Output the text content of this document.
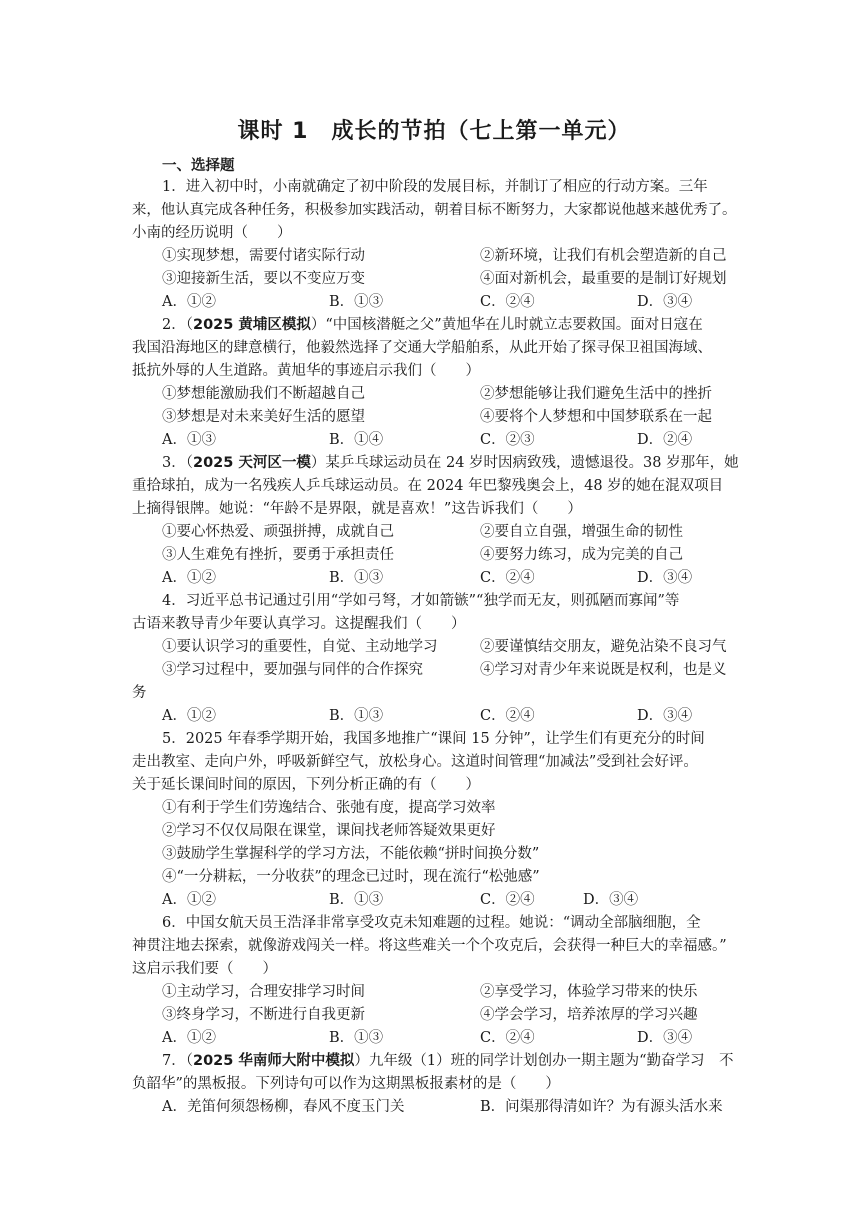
课时 1　成长的节拍（七上第一单元）
一、选择题
1．进入初中时，小南就确定了初中阶段的发展目标，并制订了相应的行动方案。三年
来，他认真完成各种任务，积极参加实践活动，朝着目标不断努力，大家都说他越来越优秀了。
小南的经历说明（　　）
①实现梦想，需要付诸实际行动	②新环境，让我们有机会塑造新的自己
③迎接新生活，要以不变应万变	④面对新机会，最重要的是制订好规划
A．①②	B．①③	C．②④	D．③④
2．（2025 黄埔区模拟）“中国核潜艇之父”黄旭华在儿时就立志要救国。面对日寇在
我国沿海地区的肆意横行，他毅然选择了交通大学船舶系，从此开始了探寻保卫祖国海域、
抵抗外辱的人生道路。黄旭华的事迹启示我们（　　）
①梦想能激励我们不断超越自己	②梦想能够让我们避免生活中的挫折
③梦想是对未来美好生活的愿望	④要将个人梦想和中国梦联系在一起
A．①③	B．①④	C．②③	D．②④
3．（2025 天河区一模）某乒乓球运动员在 24 岁时因病致残，遗憾退役。38 岁那年，她
重拾球拍，成为一名残疾人乒乓球运动员。在 2024 年巴黎残奥会上，48 岁的她在混双项目
上摘得银牌。她说：“年龄不是界限，就是喜欢！”这告诉我们（　　）
①要心怀热爱、顽强拼搏，成就自己	②要自立自强，增强生命的韧性
③人生难免有挫折，要勇于承担责任	④要努力练习，成为完美的自己
A．①②	B．①③	C．②④	D．③④
4．习近平总书记通过引用“学如弓弩，才如箭镞”“独学而无友，则孤陋而寡闻”等
古语来教导青少年要认真学习。这提醒我们（　　）
①要认识学习的重要性，自觉、主动地学习	②要谨慎结交朋友，避免沾染不良习气
③学习过程中，要加强与同伴的合作探究	④学习对青少年来说既是权利，也是义
务
A．①②	B．①③	C．②④	D．③④
5．2025 年春季学期开始，我国多地推广“课间 15 分钟”，让学生们有更充分的时间
走出教室、走向户外，呼吸新鲜空气，放松身心。这道时间管理“加减法”受到社会好评。
关于延长课间时间的原因，下列分析正确的有（　　）
①有利于学生们劳逸结合、张弛有度，提高学习效率
②学习不仅仅局限在课堂，课间找老师答疑效果更好
③鼓励学生掌握科学的学习方法，不能依赖“拼时间换分数”
④“一分耕耘，一分收获”的理念已过时，现在流行“松弛感”
A．①②	B．①③	C．②④	D．③④
6．中国女航天员王浩泽非常享受攻克未知难题的过程。她说：“调动全部脑细胞，全
神贯注地去探索，就像游戏闯关一样。将这些难关一个个攻克后，会获得一种巨大的幸福感。”
这启示我们要（　　）
①主动学习，合理安排学习时间	②享受学习，体验学习带来的快乐
③终身学习，不断进行自我更新	④学会学习，培养浓厚的学习兴趣
A．①②	B．①③	C．②④	D．③④
7．（2025 华南师大附中模拟）九年级（1）班的同学计划创办一期主题为“勤奋学习　不
负韶华”的黑板报。下列诗句可以作为这期黑板报素材的是（　　）
A．羌笛何须怨杨柳，春风不度玉门关	B．问渠那得清如许？为有源头活水来
